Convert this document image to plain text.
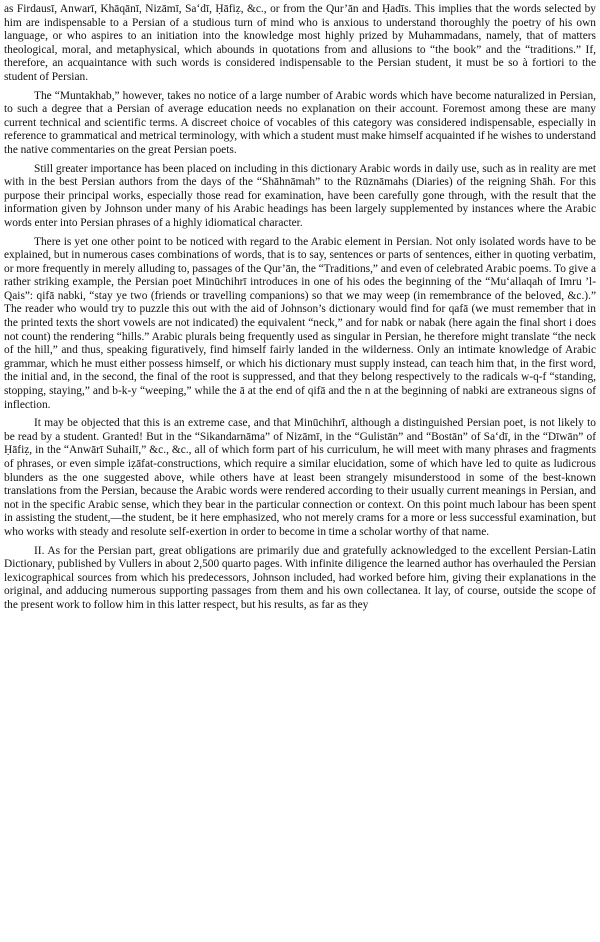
as Firdausī, Anwarī, Khāqānī, Nizāmī, Sa‘dī, Ḥāfiẓ, &c., or from the Qur’ān and Ḥadīs. This implies that the words selected by him are indispensable to a Persian of a studious turn of mind who is anxious to understand thoroughly the poetry of his own language, or who aspires to an initiation into the knowledge most highly prized by Muhammadans, namely, that of matters theological, moral, and metaphysical, which abounds in quotations from and allusions to “the book” and the “traditions.” If, therefore, an acquaintance with such words is considered indispensable to the Persian student, it must be so à fortiori to the student of Persian.

The “Muntakhab,” however, takes no notice of a large number of Arabic words which have become naturalized in Persian, to such a degree that a Persian of average education needs no explanation on their account. Foremost among these are many current technical and scientific terms. A discreet choice of vocables of this category was considered indispensable, especially in reference to grammatical and metrical terminology, with which a student must make himself acquainted if he wishes to understand the native commentaries on the great Persian poets.

Still greater importance has been placed on including in this dictionary Arabic words in daily use, such as in reality are met with in the best Persian authors from the days of the “Shāhnāmah” to the Rūznāmahs (Diaries) of the reigning Shāh. For this purpose their principal works, especially those read for examination, have been carefully gone through, with the result that the information given by Johnson under many of his Arabic headings has been largely supplemented by instances where the Arabic words enter into Persian phrases of a highly idiomatical character.

There is yet one other point to be noticed with regard to the Arabic element in Persian. Not only isolated words have to be explained, but in numerous cases combinations of words, that is to say, sentences or parts of sentences, either in quoting verbatim, or more frequently in merely alluding to, passages of the Qur’ān, the “Traditions,” and even of celebrated Arabic poems. To give a rather striking example, the Persian poet Minūchihrī introduces in one of his odes the beginning of the “Mu‘allaqah of Imru ’l-Qais”: qifā nabki, “stay ye two (friends or travelling companions) so that we may weep (in remembrance of the beloved, &c.).” The reader who would try to puzzle this out with the aid of Johnson’s dictionary would find for qafā (we must remember that in the printed texts the short vowels are not indicated) the equivalent “neck,” and for nabk or nabak (here again the final short i does not count) the rendering “hills.” Arabic plurals being frequently used as singular in Persian, he therefore might translate “the neck of the hill,” and thus, speaking figuratively, find himself fairly landed in the wilderness. Only an intimate knowledge of Arabic grammar, which he must either possess himself, or which his dictionary must supply instead, can teach him that, in the first word, the initial and, in the second, the final of the root is suppressed, and that they belong respectively to the radicals w-q-f “standing, stopping, staying,” and b-k-y “weeping,” while the ā at the end of qifā and the n at the beginning of nabki are extraneous signs of inflection.

It may be objected that this is an extreme case, and that Minūchihrī, although a distinguished Persian poet, is not likely to be read by a student. Granted! But in the “Sikandarnāma” of Nizāmī, in the “Gulistān” and “Bostān” of Sa‘dī, in the “Dīwān” of Ḥāfiẓ, in the “Anwārī Suhailī,” &c., &c., all of which form part of his curriculum, he will meet with many phrases and fragments of phrases, or even simple iẓāfat-constructions, which require a similar elucidation, some of which have led to quite as ludicrous blunders as the one suggested above, while others have at least been strangely misunderstood in some of the best-known translations from the Persian, because the Arabic words were rendered according to their usually current meanings in Persian, and not in the specific Arabic sense, which they bear in the particular connection or context. On this point much labour has been spent in assisting the student,—the student, be it here emphasized, who not merely crams for a more or less successful examination, but who works with steady and resolute self-exertion in order to become in time a scholar worthy of that name.

II. As for the Persian part, great obligations are primarily due and gratefully acknowledged to the excellent Persian-Latin Dictionary, published by Vullers in about 2,500 quarto pages. With infinite diligence the learned author has overhauled the Persian lexicographical sources from which his predecessors, Johnson included, had worked before him, giving their explanations in the original, and adducing numerous supporting passages from them and his own collectanea. It lay, of course, outside the scope of the present work to follow him in this latter respect, but his results, as far as they
